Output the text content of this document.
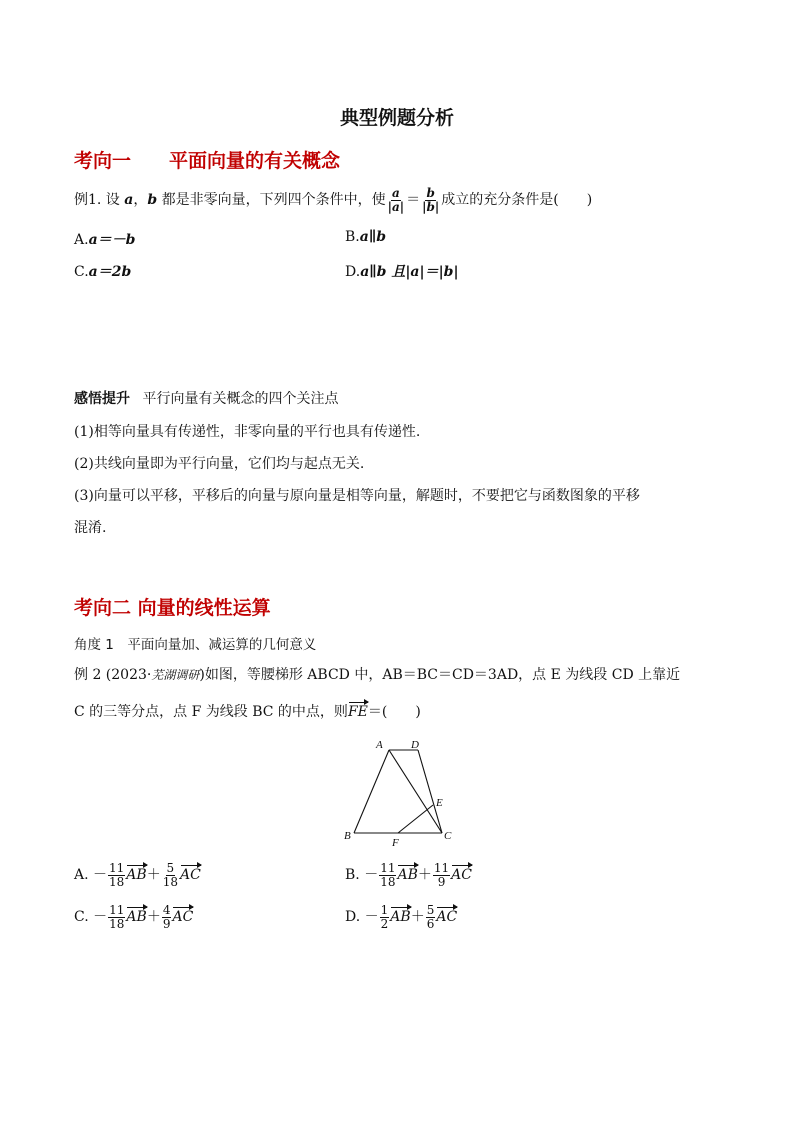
典型例题分析
考向一　　平面向量的有关概念
例1. 设 a，b 都是非零向量，下列四个条件中，使 $\frac{a}{|a|} = \frac{b}{|b|}$ 成立的充分条件是(　　)
A.a＝－b	B.a∥b
C.a＝2b	D.a∥b 且|a|＝|b|
感悟提升 平行向量有关概念的四个关注点
(1)相等向量具有传递性，非零向量的平行也具有传递性.
(2)共线向量即为平行向量，它们均与起点无关.
(3)向量可以平移，平移后的向量与原向量是相等向量，解题时，不要把它与函数图象的平移
混淆.
考向二 向量的线性运算
角度 1　平面向量加、减运算的几何意义
例 2 (2023·芜湖调研)如图，等腰梯形 ABCD 中，AB＝BC＝CD＝3AD，点 E 为线段 CD 上靠近
C 的三等分点，点 F 为线段 BC 的中点，则FE＝(　　)
A	D
E
B
F
C
A. － $\frac{11}{18} AB+ \frac{5}{18}$ AC	B. － $\frac{11}{18} AB+ \frac{11}{9}$ AC
C. － $\frac{11}{18} AB+ \frac{4}{9}$ AC	D. － $\frac{1}{2} AB+ \frac{5}{6}$ AC
